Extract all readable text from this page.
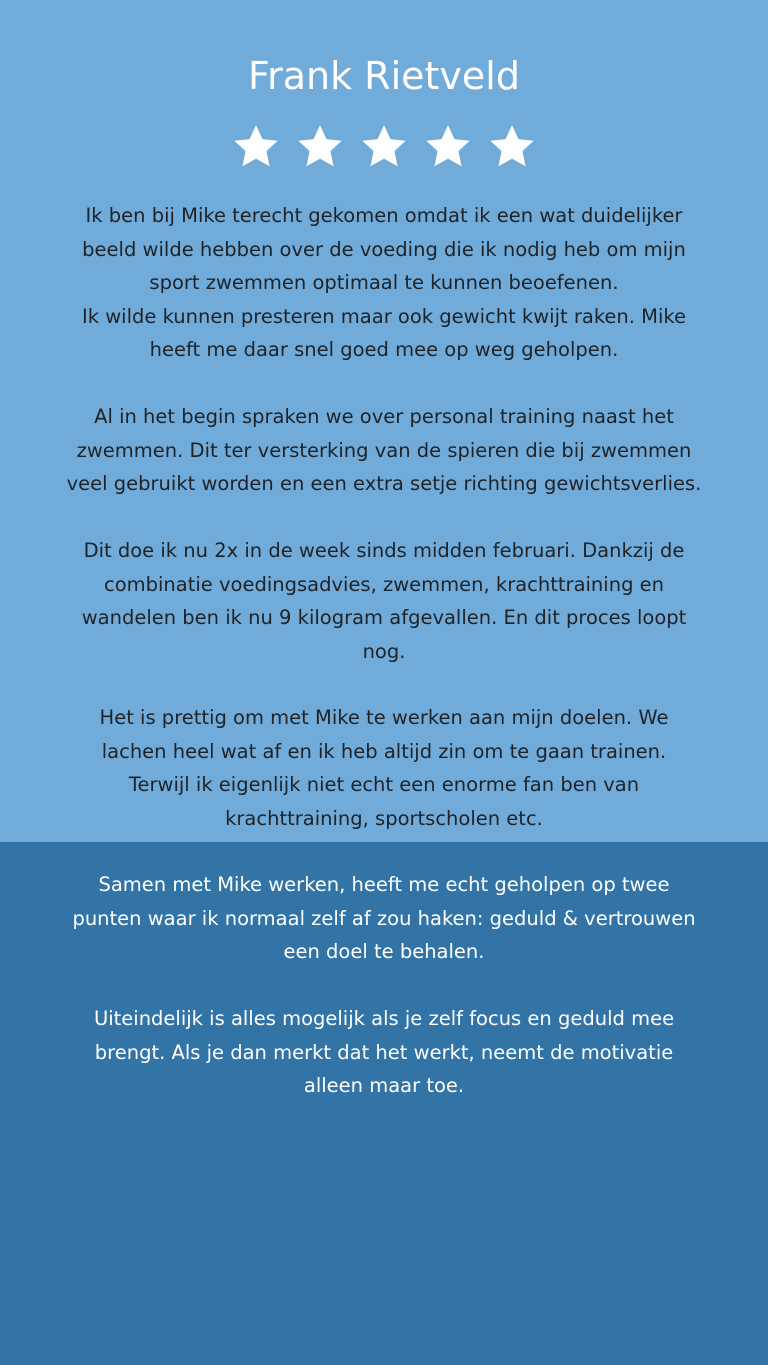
Frank Rietveld

Ik ben bij Mike terecht gekomen omdat ik een wat duidelijker
beeld wilde hebben over de voeding die ik nodig heb om mijn
sport zwemmen optimaal te kunnen beoefenen.
Ik wilde kunnen presteren maar ook gewicht kwijt raken. Mike
heeft me daar snel goed mee op weg geholpen.

Al in het begin spraken we over personal training naast het
zwemmen. Dit ter versterking van de spieren die bij zwemmen
veel gebruikt worden en een extra setje richting gewichtsverlies.

Dit doe ik nu 2x in de week sinds midden februari. Dankzij de
combinatie voedingsadvies, zwemmen, krachttraining en
wandelen ben ik nu 9 kilogram afgevallen. En dit proces loopt
nog.

Het is prettig om met Mike te werken aan mijn doelen. We
lachen heel wat af en ik heb altijd zin om te gaan trainen.
Terwijl ik eigenlijk niet echt een enorme fan ben van
krachttraining, sportscholen etc.

Samen met Mike werken, heeft me echt geholpen op twee
punten waar ik normaal zelf af zou haken: geduld & vertrouwen
een doel te behalen.

Uiteindelijk is alles mogelijk als je zelf focus en geduld mee
brengt. Als je dan merkt dat het werkt, neemt de motivatie
alleen maar toe.
